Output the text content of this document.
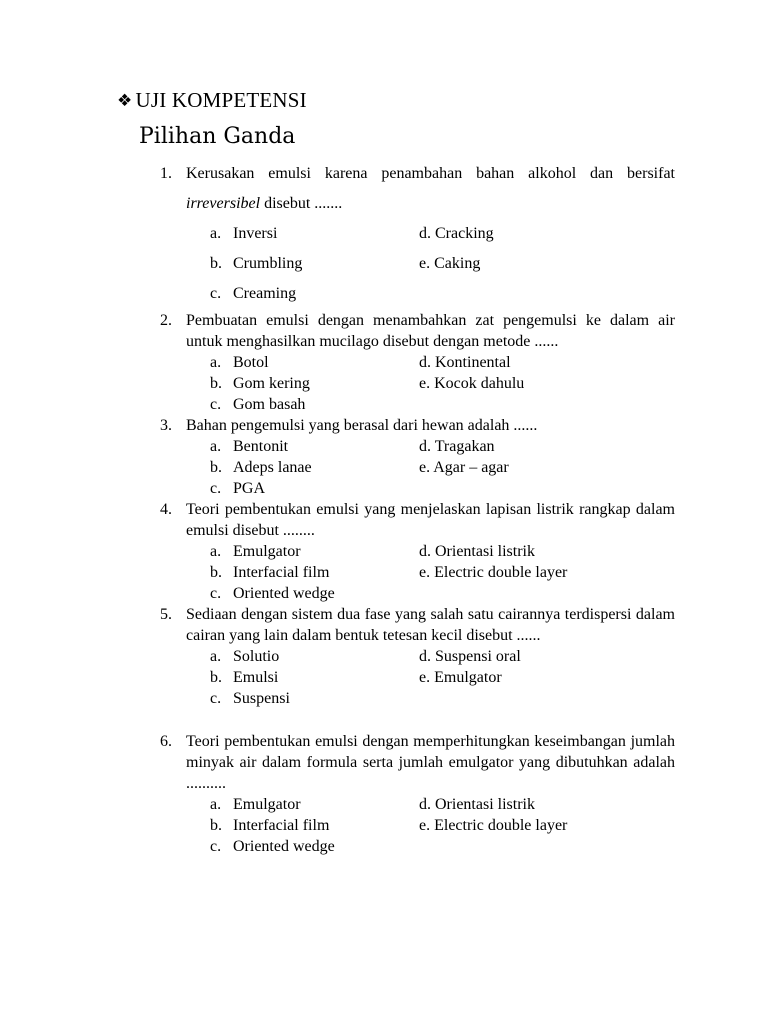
❖ UJI KOMPETENSI
Pilihan Ganda
1. Kerusakan emulsi karena penambahan bahan alkohol dan bersifat irreversibel disebut .......
a. Inversi	d. Cracking
b. Crumbling	e. Caking
c. Creaming
2. Pembuatan emulsi dengan menambahkan zat pengemulsi ke dalam air untuk menghasilkan mucilago disebut dengan metode ......
a. Botol	d. Kontinental
b. Gom kering	e. Kocok dahulu
c. Gom basah
3. Bahan pengemulsi yang berasal dari hewan adalah ......
a. Bentonit	d. Tragakan
b. Adeps lanae	e. Agar – agar
c. PGA
4. Teori pembentukan emulsi yang menjelaskan lapisan listrik rangkap dalam emulsi disebut ........
a. Emulgator	d. Orientasi listrik
b. Interfacial film	e. Electric double layer
c. Oriented wedge
5. Sediaan dengan sistem dua fase yang salah satu cairannya terdispersi dalam cairan yang lain dalam bentuk tetesan kecil disebut ......
a. Solutio	d. Suspensi oral
b. Emulsi	e. Emulgator
c. Suspensi
6. Teori pembentukan emulsi dengan memperhitungkan keseimbangan jumlah minyak air dalam formula serta jumlah emulgator yang dibutuhkan adalah ..........
a. Emulgator	d. Orientasi listrik
b. Interfacial film	e. Electric double layer
c. Oriented wedge
